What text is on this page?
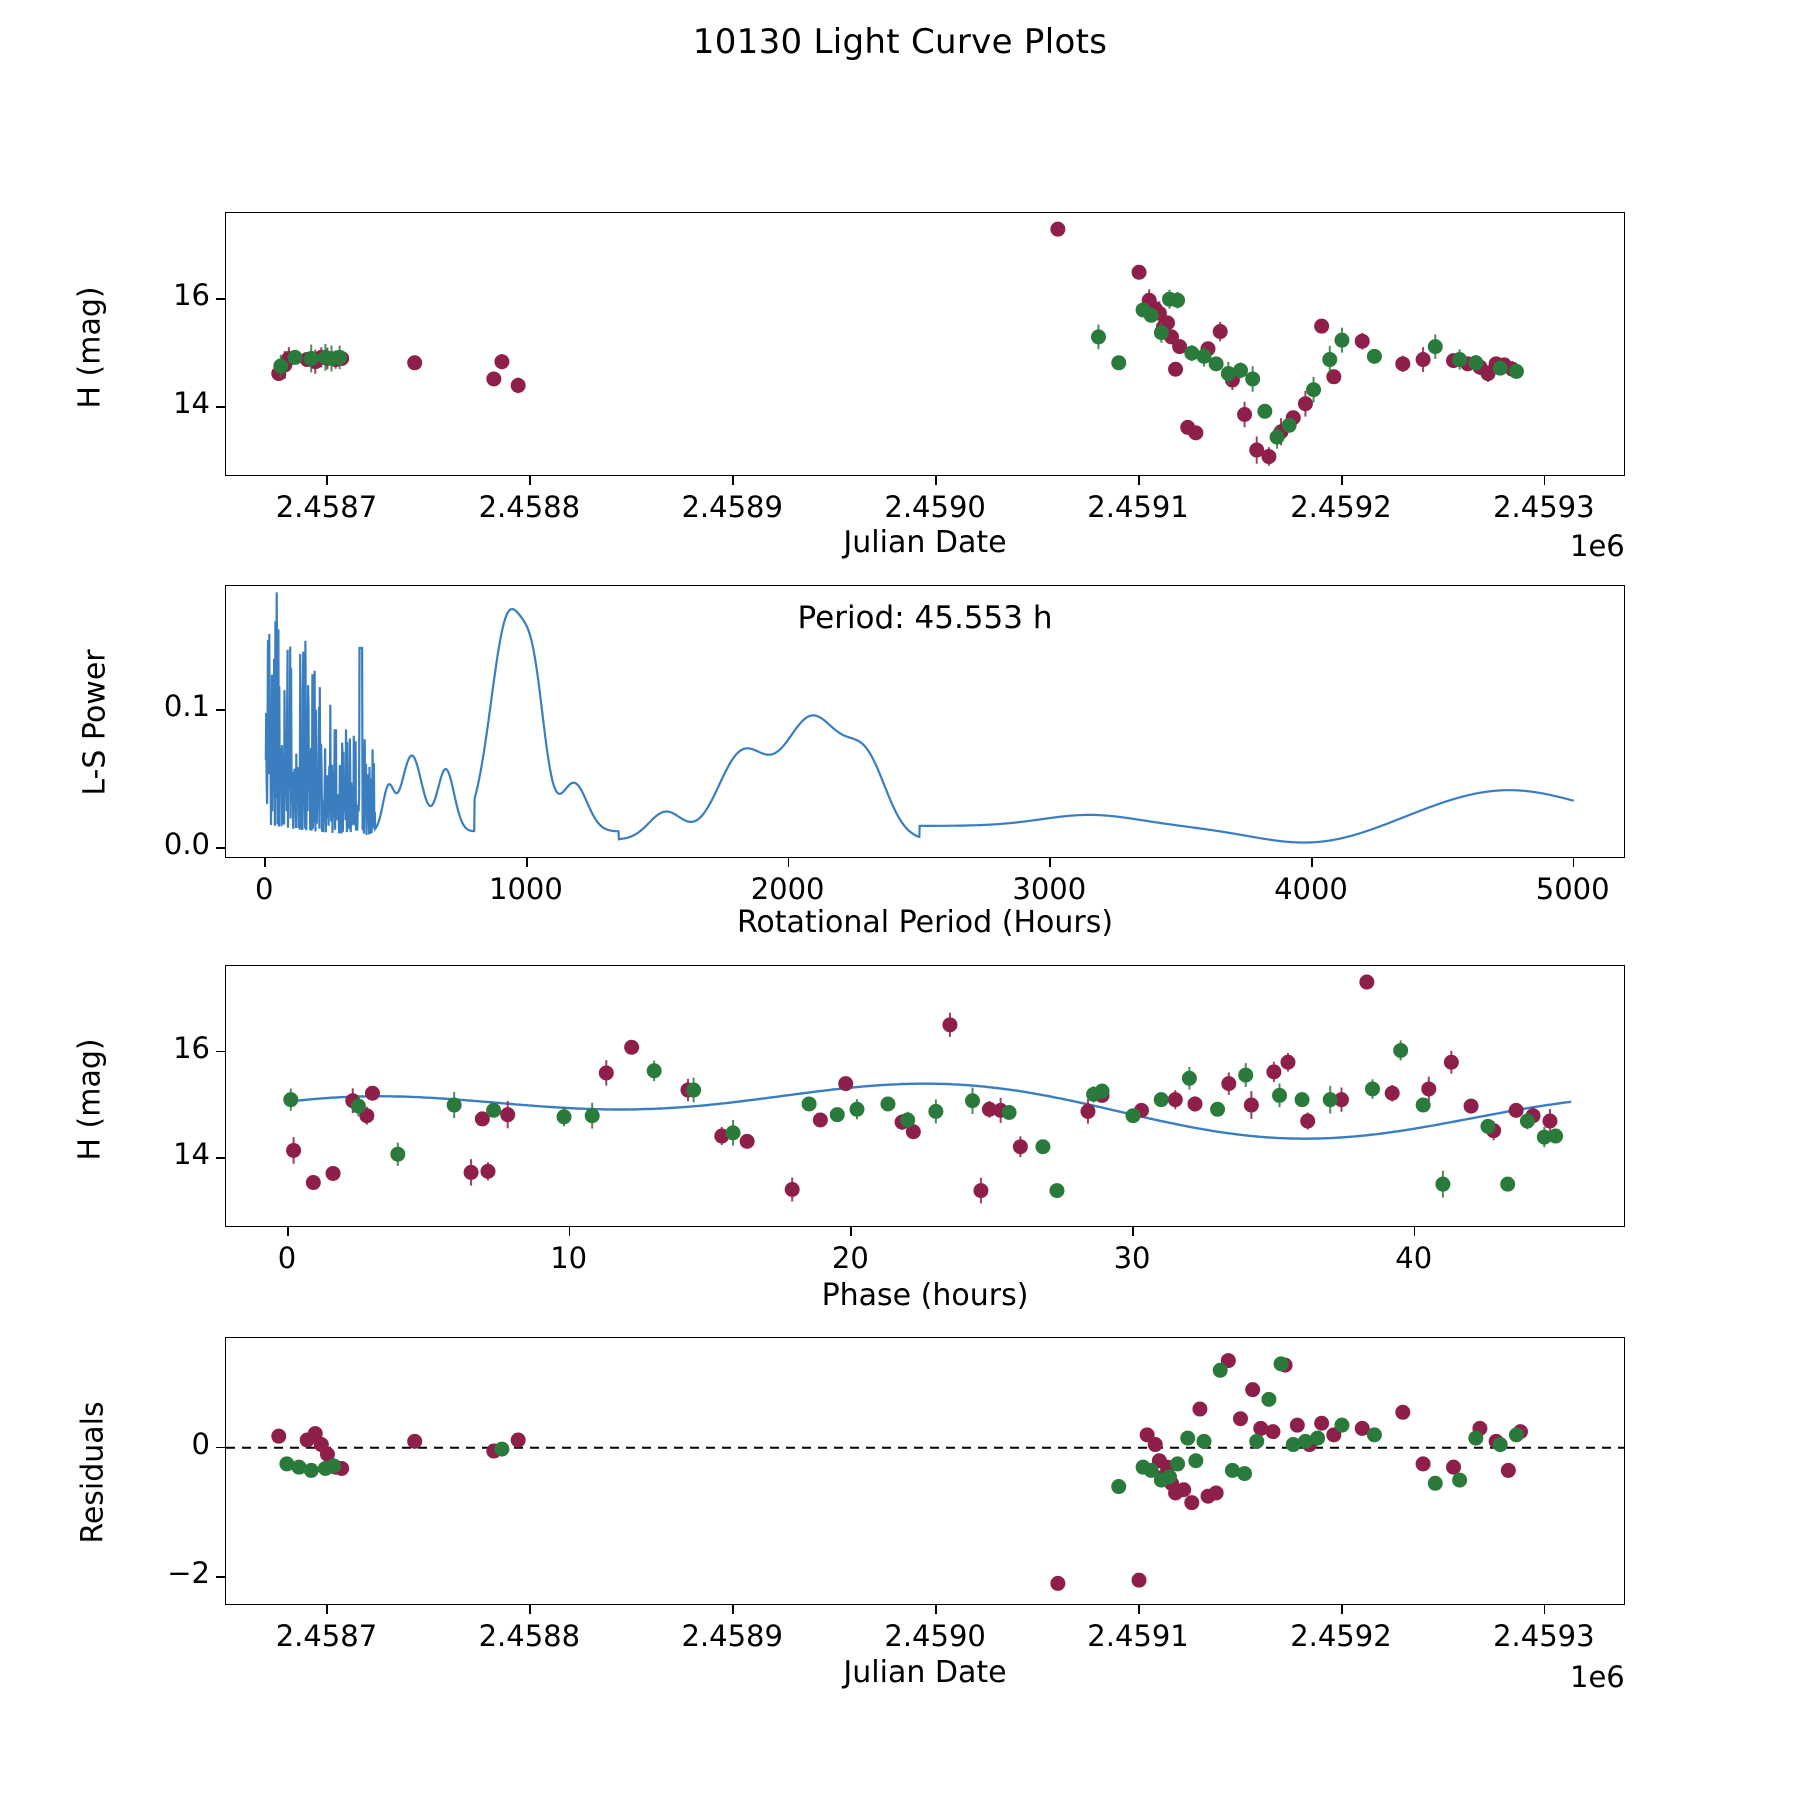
10130 Light Curve Plots
H (mag)
Julian Date	1e6
Period: 45.553 h
L-S Power
Rotational Period (Hours)
H (mag)
Phase (hours)
Residuals
Julian Date	1e6
2.4587	2.4588	2.4589	2.4590	2.4591	2.4592	2.4593
14
16
0	1000	2000	3000	4000	5000
0.0
0.1
0	10	20	30	40
14
16
2.4587	2.4588	2.4589	2.4590	2.4591	2.4592	2.4593
−2
0
